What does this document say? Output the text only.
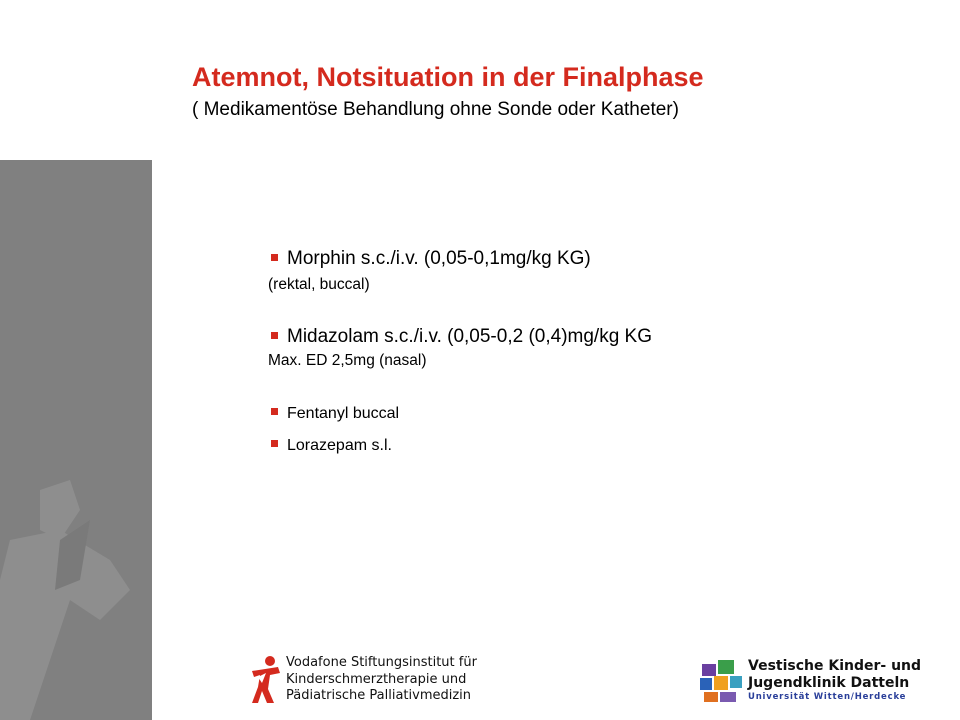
Atemnot, Notsituation in der Finalphase
( Medikamentöse Behandlung ohne Sonde oder Katheter)
Morphin s.c./i.v. (0,05-0,1mg/kg KG)
(rektal, buccal)
Midazolam s.c./i.v. (0,05-0,2 (0,4)mg/kg KG
Max. ED 2,5mg (nasal)
Fentanyl buccal
Lorazepam s.l.
Vodafone Stiftungsinstitut für
Kinderschmerztherapie und
Pädiatrische Palliativmedizin
Vestische Kinder- und
Jugendklinik Datteln
Universität Witten/Herdecke
